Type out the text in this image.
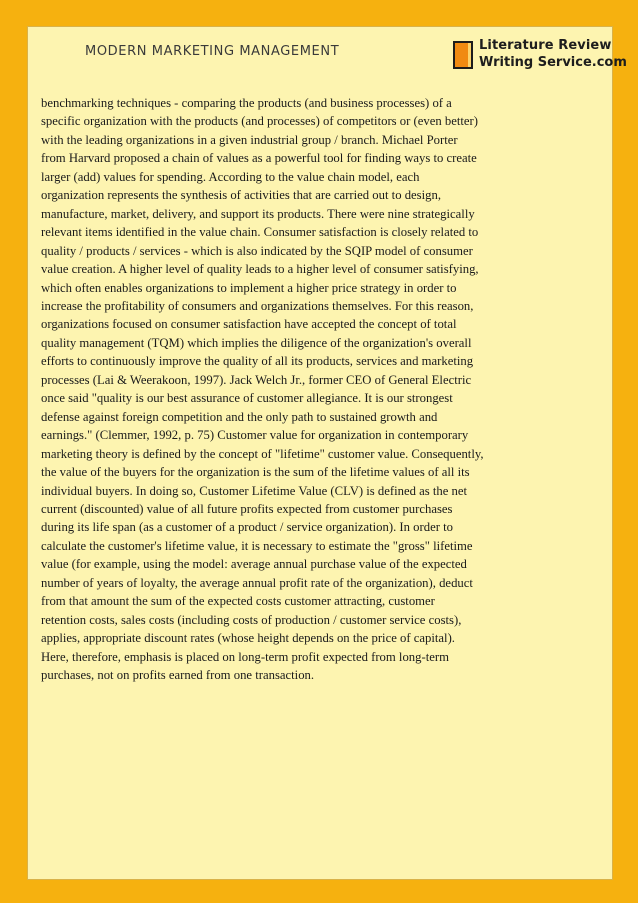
MODERN MARKETING MANAGEMENT	Literature Review
Writing Service.com

benchmarking techniques - comparing the products (and business processes) of a
specific organization with the products (and processes) of competitors or (even better)
with the leading organizations in a given industrial group / branch. Michael Porter
from Harvard proposed a chain of values as a powerful tool for finding ways to create
larger (add) values for spending. According to the value chain model, each
organization represents the synthesis of activities that are carried out to design,
manufacture, market, delivery, and support its products. There were nine strategically
relevant items identified in the value chain. Consumer satisfaction is closely related to
quality / products / services - which is also indicated by the SQIP model of consumer
value creation. A higher level of quality leads to a higher level of consumer satisfying,
which often enables organizations to implement a higher price strategy in order to
increase the profitability of consumers and organizations themselves. For this reason,
organizations focused on consumer satisfaction have accepted the concept of total
quality management (TQM) which implies the diligence of the organization's overall
efforts to continuously improve the quality of all its products, services and marketing
processes (Lai & Weerakoon, 1997). Jack Welch Jr., former CEO of General Electric
once said "quality is our best assurance of customer allegiance. It is our strongest
defense against foreign competition and the only path to sustained growth and
earnings." (Clemmer, 1992, p. 75) Customer value for organization in contemporary
marketing theory is defined by the concept of "lifetime" customer value. Consequently,
the value of the buyers for the organization is the sum of the lifetime values of all its
individual buyers. In doing so, Customer Lifetime Value (CLV) is defined as the net
current (discounted) value of all future profits expected from customer purchases
during its life span (as a customer of a product / service organization). In order to
calculate the customer's lifetime value, it is necessary to estimate the "gross" lifetime
value (for example, using the model: average annual purchase value of the expected
number of years of loyalty, the average annual profit rate of the organization), deduct
from that amount the sum of the expected costs customer attracting, customer
retention costs, sales costs (including costs of production / customer service costs),
applies, appropriate discount rates (whose height depends on the price of capital).
Here, therefore, emphasis is placed on long-term profit expected from long-term
purchases, not on profits earned from one transaction.
